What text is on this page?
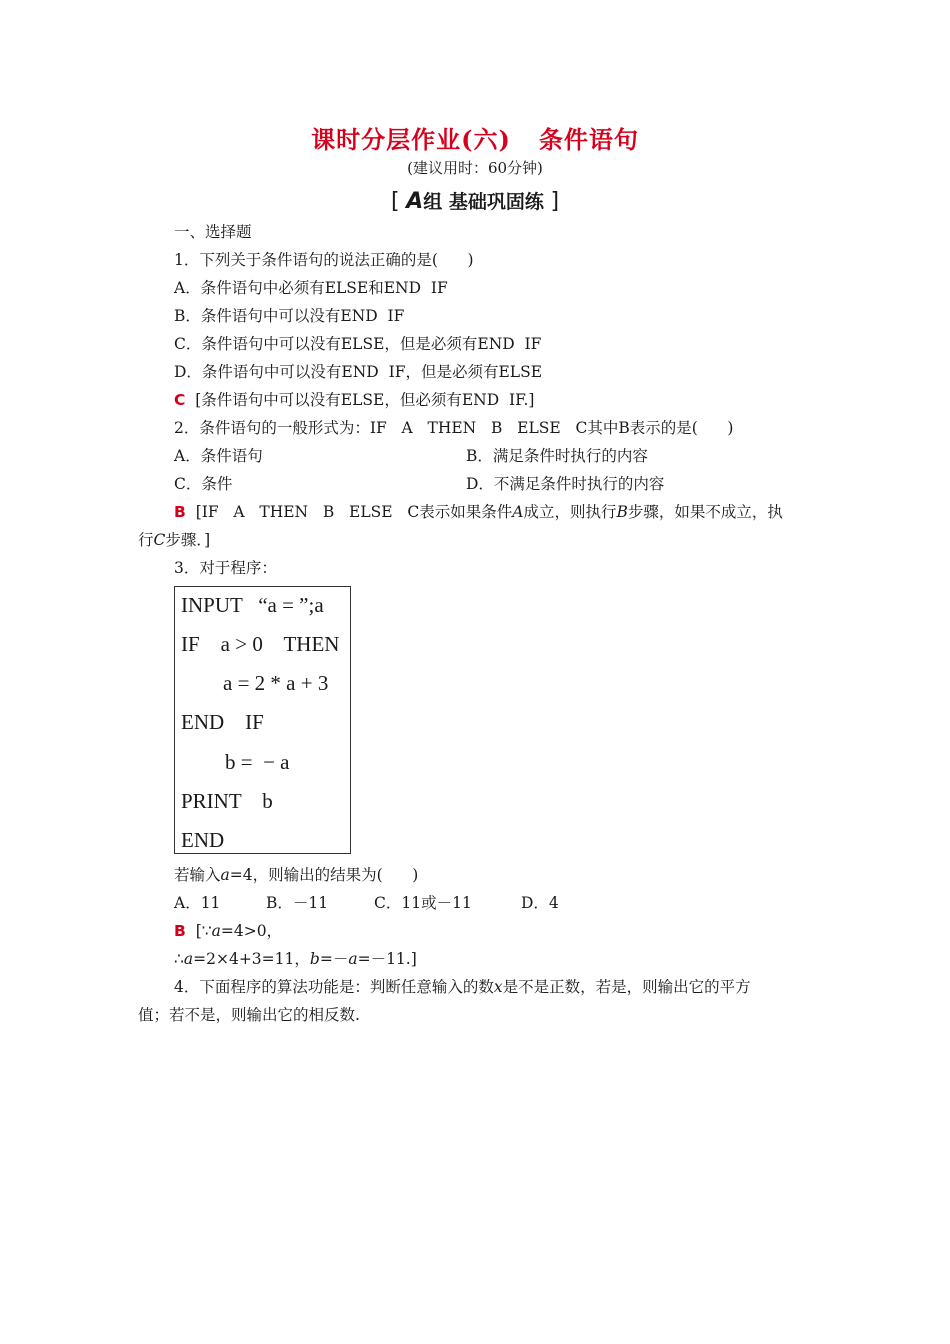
课时分层作业(六)   条件语句
(建议用时：60分钟)
[ A组 基础巩固练 ]
一、选择题
1．下列关于条件语句的说法正确的是(      )
A．条件语句中必须有ELSE和END  IF
B．条件语句中可以没有END  IF
C．条件语句中可以没有ELSE，但是必须有END  IF
D．条件语句中可以没有END  IF，但是必须有ELSE
C [条件语句中可以没有ELSE，但必须有END  IF.]
2．条件语句的一般形式为：IF   A   THEN   B   ELSE   C其中B表示的是(      )
A．条件语句	B．满足条件时执行的内容
C．条件	D．不满足条件时执行的内容
B [IF   A   THEN   B   ELSE   C表示如果条件A成立，则执行B步骤，如果不成立，执
行C步骤．]
3．对于程序：
INPUT   “a = ”;a
IF    a > 0    THEN
a = 2 * a + 3
END    IF
b =  − a
PRINT    b
END
若输入a=4，则输出的结果为(      )
A．11	B．－11	C．11或－11	D．4
B [∵a=4>0，
∴a=2×4+3=11，b=－a=－11.]
4．下面程序的算法功能是：判断任意输入的数x是不是正数，若是，则输出它的平方
值；若不是，则输出它的相反数.
